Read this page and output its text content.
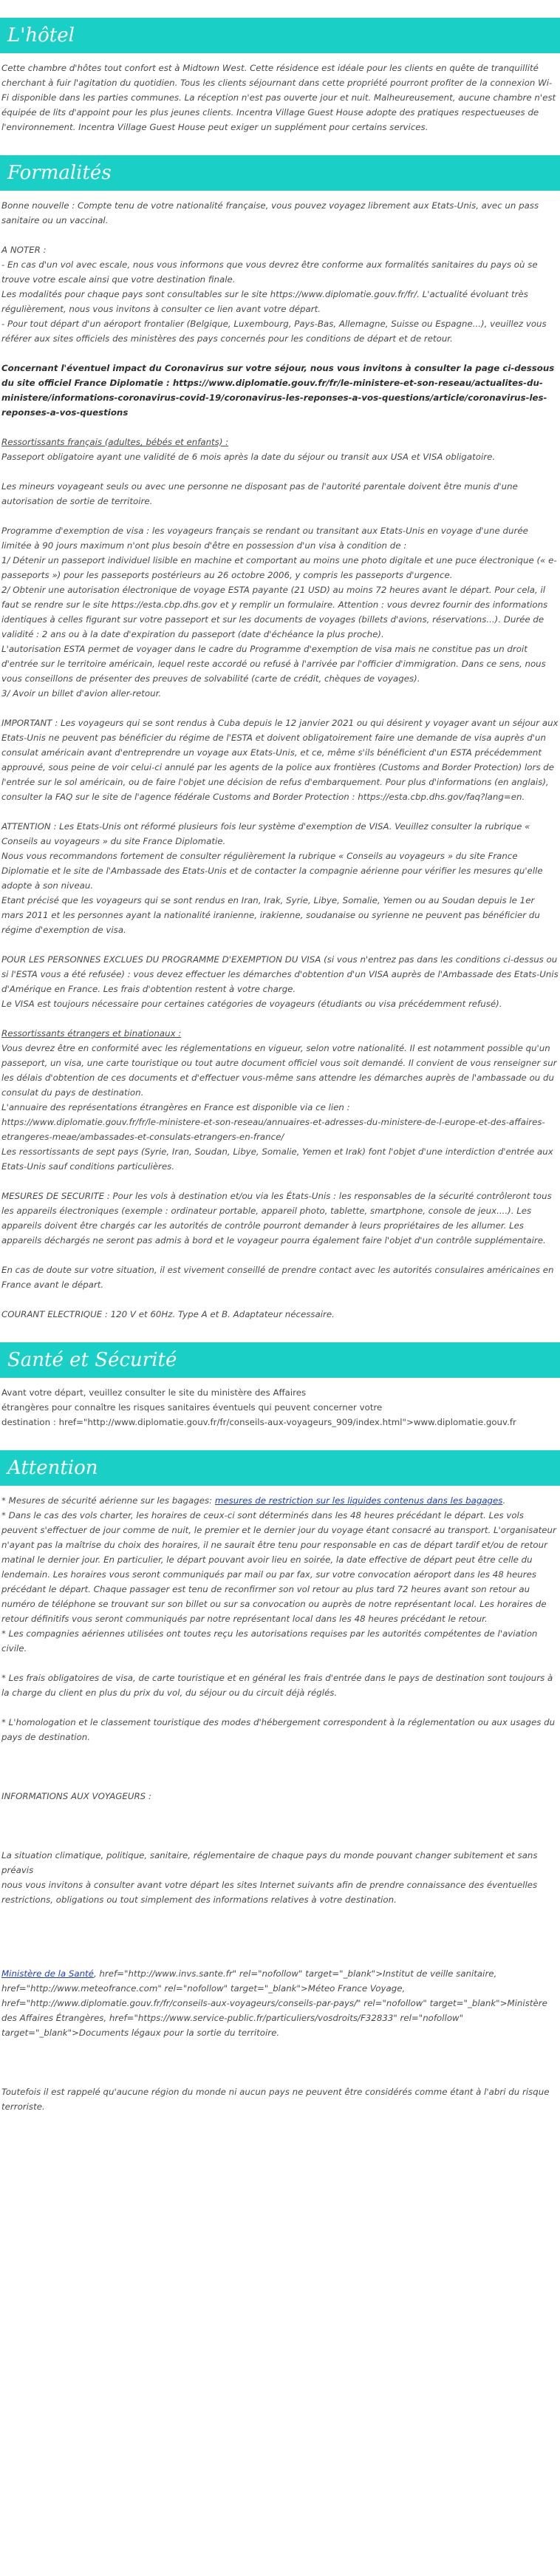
L'hôtel

Cette chambre d'hôtes tout confort est à Midtown West. Cette résidence est idéale pour les clients en quête de tranquillité cherchant à fuir l'agitation du quotidien. Tous les clients séjournant dans cette propriété pourront profiter de la connexion Wi-Fi disponible dans les parties communes. La réception n'est pas ouverte jour et nuit. Malheureusement, aucune chambre n'est équipée de lits d'appoint pour les plus jeunes clients. Incentra Village Guest House adopte des pratiques respectueuses de l'environnement. Incentra Village Guest House peut exiger un supplément pour certains services.

Formalités

Bonne nouvelle : Compte tenu de votre nationalité française, vous pouvez voyagez librement aux Etats-Unis, avec un pass sanitaire ou un vaccinal.

A NOTER :

- En cas d'un vol avec escale, nous vous informons que vous devrez être conforme aux formalités sanitaires du pays où se trouve votre escale ainsi que votre destination finale.

Les modalités pour chaque pays sont consultables sur le site https://www.diplomatie.gouv.fr/fr/. L'actualité évoluant très régulièrement, nous vous invitons à consulter ce lien avant votre départ.

- Pour tout départ d'un aéroport frontalier (Belgique, Luxembourg, Pays-Bas, Allemagne, Suisse ou Espagne...), veuillez vous référer aux sites officiels des ministères des pays concernés pour les conditions de départ et de retour.

Concernant l'éventuel impact du Coronavirus sur votre séjour, nous vous invitons à consulter la page ci-dessous du site officiel France Diplomatie : https://www.diplomatie.gouv.fr/fr/le-ministere-et-son-reseau/actualites-du-ministere/informations-coronavirus-covid-19/coronavirus-les-reponses-a-vos-questions/article/coronavirus-les-reponses-a-vos-questions

Ressortissants français (adultes, bébés et enfants) :

Passeport obligatoire ayant une validité de 6 mois après la date du séjour ou transit aux USA et VISA obligatoire.

Les mineurs voyageant seuls ou avec une personne ne disposant pas de l'autorité parentale doivent être munis d'une autorisation de sortie de territoire.

Programme d'exemption de visa : les voyageurs français se rendant ou transitant aux Etats-Unis en voyage d'une durée limitée à 90 jours maximum n'ont plus besoin d'être en possession d'un visa à condition de :

1/ Détenir un passeport individuel lisible en machine et comportant au moins une photo digitale et une puce électronique (« e-passeports ») pour les passeports postérieurs au 26 octobre 2006, y compris les passeports d'urgence.

2/ Obtenir une autorisation électronique de voyage ESTA payante (21 USD) au moins 72 heures avant le départ. Pour cela, il faut se rendre sur le site https://esta.cbp.dhs.gov et y remplir un formulaire. Attention : vous devrez fournir des informations identiques à celles figurant sur votre passeport et sur les documents de voyages (billets d'avions, réservations...). Durée de validité : 2 ans ou à la date d'expiration du passeport (date d'échéance la plus proche).

L'autorisation ESTA permet de voyager dans le cadre du Programme d'exemption de visa mais ne constitue pas un droit d'entrée sur le territoire américain, lequel reste accordé ou refusé à l'arrivée par l'officier d'immigration. Dans ce sens, nous vous conseillons de présenter des preuves de solvabilité (carte de crédit, chèques de voyages).

3/ Avoir un billet d'avion aller-retour.

IMPORTANT : Les voyageurs qui se sont rendus à Cuba depuis le 12 janvier 2021 ou qui désirent y voyager avant un séjour aux Etats-Unis ne peuvent pas bénéficier du régime de l'ESTA et doivent obligatoirement faire une demande de visa auprès d'un consulat américain avant d'entreprendre un voyage aux Etats-Unis, et ce, même s'ils bénéficient d'un ESTA précédemment approuvé, sous peine de voir celui-ci annulé par les agents de la police aux frontières (Customs and Border Protection) lors de l'entrée sur le sol américain, ou de faire l'objet une décision de refus d'embarquement. Pour plus d'informations (en anglais), consulter la FAQ sur le site de l'agence fédérale Customs and Border Protection : https://esta.cbp.dhs.gov/faq?lang=en.

ATTENTION : Les Etats-Unis ont réformé plusieurs fois leur système d'exemption de VISA. Veuillez consulter la rubrique « Conseils au voyageurs » du site France Diplomatie.
Nous vous recommandons fortement de consulter régulièrement la rubrique « Conseils au voyageurs » du site France Diplomatie et le site de l'Ambassade des Etats-Unis et de contacter la compagnie aérienne pour vérifier les mesures qu'elle adopte à son niveau.
Etant précisé que les voyageurs qui se sont rendus en Iran, Irak, Syrie, Libye, Somalie, Yemen ou au Soudan depuis le 1er mars 2011 et les personnes ayant la nationalité iranienne, irakienne, soudanaise ou syrienne ne peuvent pas bénéficier du régime d'exemption de visa.

POUR LES PERSONNES EXCLUES DU PROGRAMME D'EXEMPTION DU VISA (si vous n'entrez pas dans les conditions ci-dessus ou si l'ESTA vous a été refusée) : vous devez effectuer les démarches d'obtention d'un VISA auprès de l'Ambassade des Etats-Unis d'Amérique en France. Les frais d'obtention restent à votre charge.
Le VISA est toujours nécessaire pour certaines catégories de voyageurs (étudiants ou visa précédemment refusé).

Ressortissants étrangers et binationaux :

Vous devrez être en conformité avec les réglementations en vigueur, selon votre nationalité. Il est notamment possible qu'un passeport, un visa, une carte touristique ou tout autre document officiel vous soit demandé. Il convient de vous renseigner sur les délais d'obtention de ces documents et d'effectuer vous-même sans attendre les démarches auprès de l'ambassade ou du consulat du pays de destination.
L'annuaire des représentations étrangères en France est disponible via ce lien :
https://www.diplomatie.gouv.fr/fr/le-ministere-et-son-reseau/annuaires-et-adresses-du-ministere-de-l-europe-et-des-affaires-etrangeres-meae/ambassades-et-consulats-etrangers-en-france/
Les ressortissants de sept pays (Syrie, Iran, Soudan, Libye, Somalie, Yemen et Irak) font l'objet d'une interdiction d'entrée aux Etats-Unis sauf conditions particulières.

MESURES DE SECURITE : Pour les vols à destination et/ou via les États-Unis : les responsables de la sécurité contrôleront tous les appareils électroniques (exemple : ordinateur portable, appareil photo, tablette, smartphone, console de jeux....). Les appareils doivent être chargés car les autorités de contrôle pourront demander à leurs propriétaires de les allumer. Les appareils déchargés ne seront pas admis à bord et le voyageur pourra également faire l'objet d'un contrôle supplémentaire.

En cas de doute sur votre situation, il est vivement conseillé de prendre contact avec les autorités consulaires américaines en France avant le départ.

COURANT ELECTRIQUE : 120 V et 60Hz. Type A et B. Adaptateur nécessaire.

Santé et Sécurité

Avant votre départ, veuillez consulter le site du ministère des Affaires
étrangères pour connaître les risques sanitaires éventuels qui peuvent concerner votre
destination : href="http://www.diplomatie.gouv.fr/fr/conseils-aux-voyageurs_909/index.html">www.diplomatie.gouv.fr

Attention

* Mesures de sécurité aérienne sur les bagages: mesures de restriction sur les liquides contenus dans les bagages.

* Dans le cas des vols charter, les horaires de ceux-ci sont déterminés dans les 48 heures précédant le départ. Les vols peuvent s'effectuer de jour comme de nuit, le premier et le dernier jour du voyage étant consacré au transport. L'organisateur n'ayant pas la maîtrise du choix des horaires, il ne saurait être tenu pour responsable en cas de départ tardif et/ou de retour matinal le dernier jour. En particulier, le départ pouvant avoir lieu en soirée, la date effective de départ peut être celle du lendemain. Les horaires vous seront communiqués par mail ou par fax, sur votre convocation aéroport dans les 48 heures précédant le départ. Chaque passager est tenu de reconfirmer son vol retour au plus tard 72 heures avant son retour au numéro de téléphone se trouvant sur son billet ou sur sa convocation ou auprès de notre représentant local. Les horaires de retour définitifs vous seront communiqués par notre représentant local dans les 48 heures précédant le retour.

* Les compagnies aériennes utilisées ont toutes reçu les autorisations requises par les autorités compétentes de l'aviation civile.

* Les frais obligatoires de visa, de carte touristique et en général les frais d'entrée dans le pays de destination sont toujours à la charge du client en plus du prix du vol, du séjour ou du circuit déjà réglés.

* L'homologation et le classement touristique des modes d'hébergement correspondent à la réglementation ou aux usages du pays de destination.

INFORMATIONS AUX VOYAGEURS :

La situation climatique, politique, sanitaire, réglementaire de chaque pays du monde pouvant changer subitement et sans préavis
nous vous invitons à consulter avant votre départ les sites Internet suivants afin de prendre connaissance des éventuelles restrictions, obligations ou tout simplement des informations relatives à votre destination.

Ministère de la Santé, href="http://www.invs.sante.fr" rel="nofollow" target="_blank">Institut de veille sanitaire, href="http://www.meteofrance.com" rel="nofollow" target="_blank">Méteo France Voyage, href="http://www.diplomatie.gouv.fr/fr/conseils-aux-voyageurs/conseils-par-pays/" rel="nofollow" target="_blank">Ministère des Affaires Étrangères, href="https://www.service-public.fr/particuliers/vosdroits/F32833" rel="nofollow" target="_blank">Documents légaux pour la sortie du territoire.

Toutefois il est rappelé qu'aucune région du monde ni aucun pays ne peuvent être considérés comme étant à l'abri du risque terroriste.
